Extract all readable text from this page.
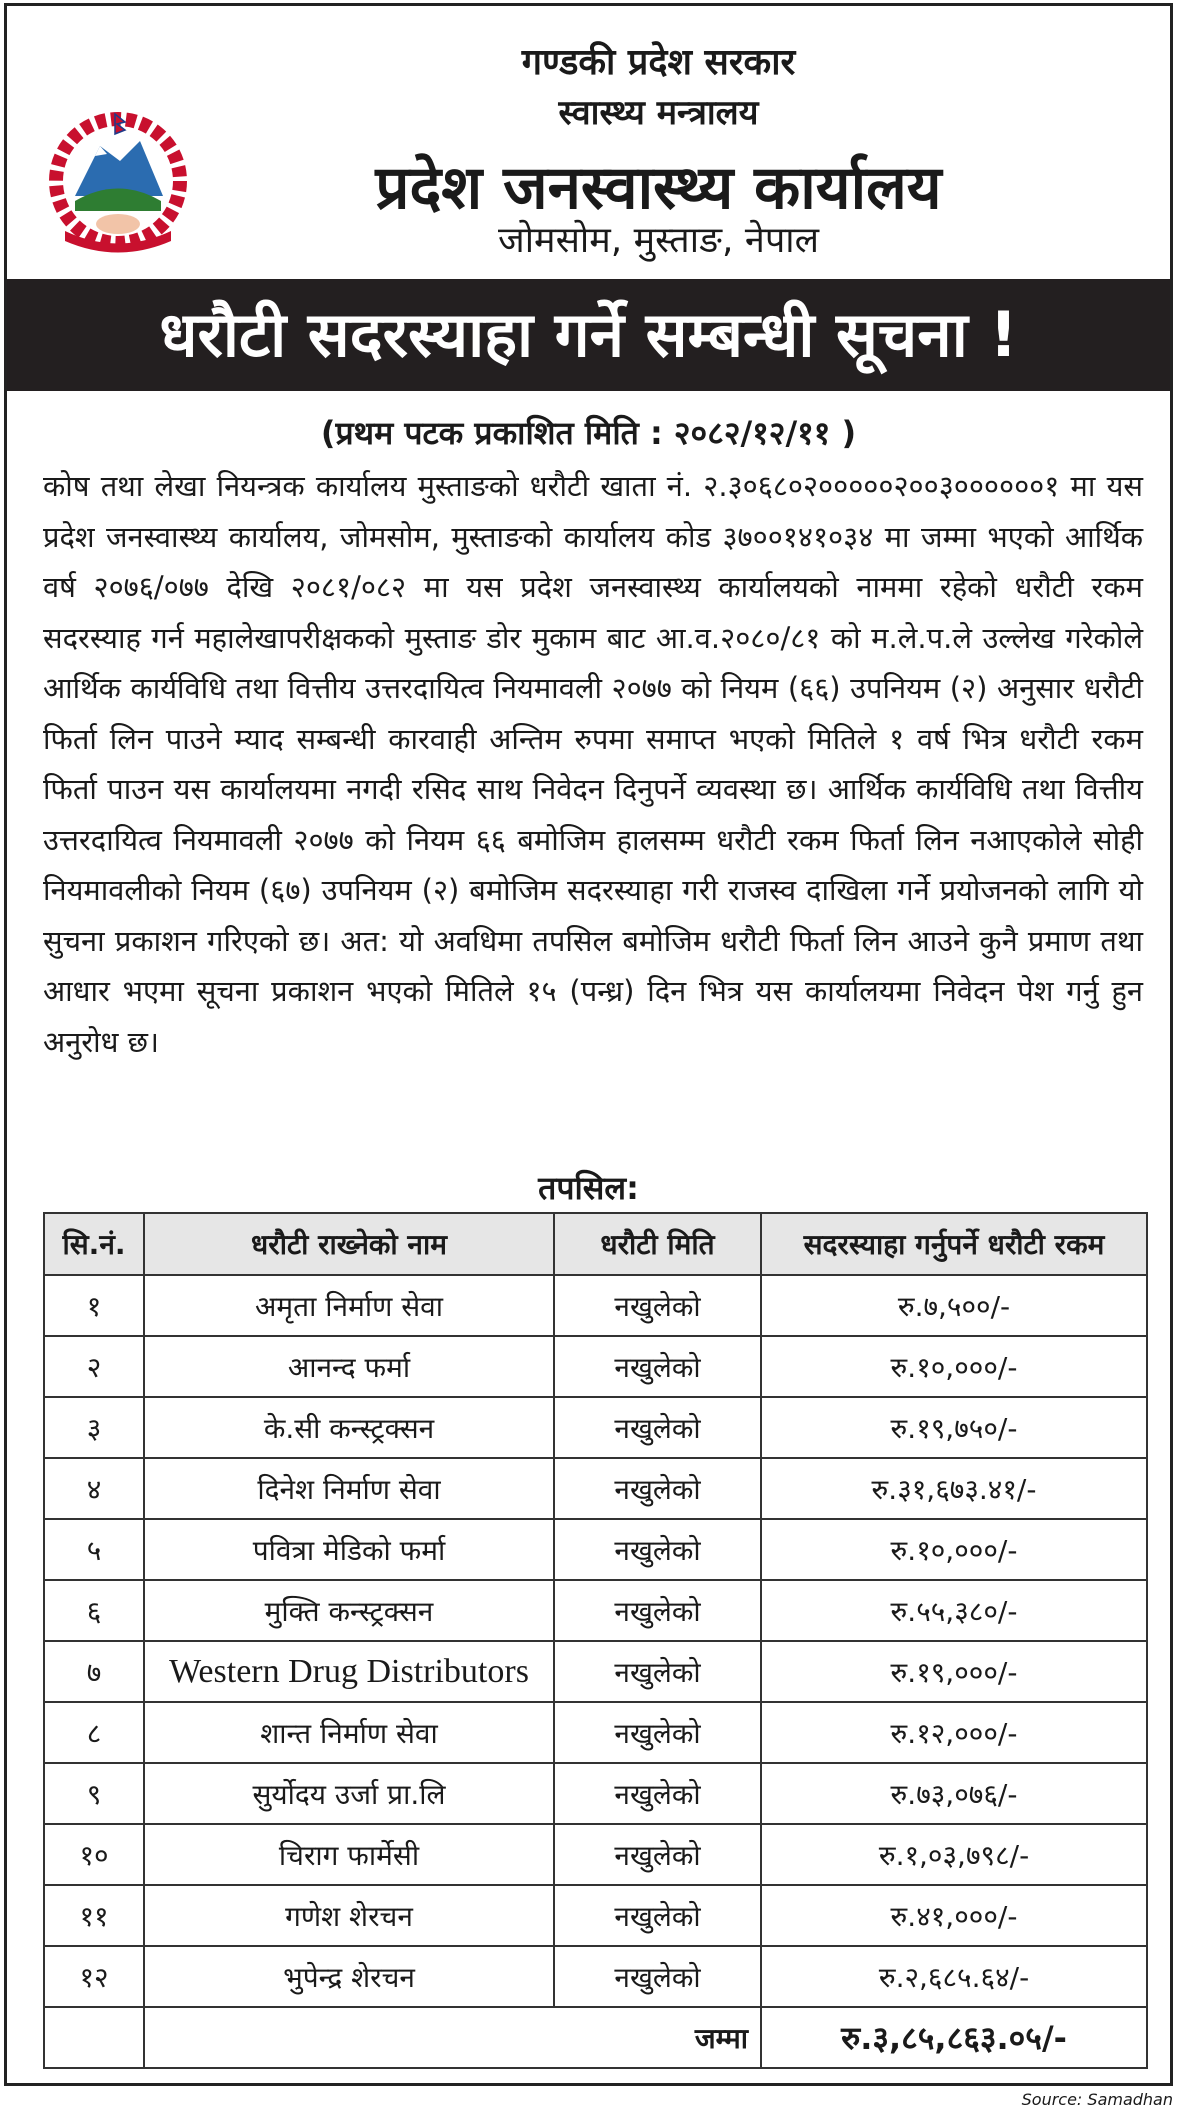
गण्डकी प्रदेश सरकार
स्वास्थ्य मन्त्रालय
प्रदेश जनस्वास्थ्य कार्यालय
जोमसोम, मुस्ताङ, नेपाल
धरौटी सदरस्याहा गर्ने सम्बन्धी सूचना !
(प्रथम पटक प्रकाशित मिति : २०८२/१२/११ )
कोष तथा लेखा नियन्त्रक कार्यालय मुस्ताङको धरौटी खाता नं. २.३०६८०२०००००२००३००००००१ मा यस प्रदेश जनस्वास्थ्य कार्यालय, जोमसोम, मुस्ताङको कार्यालय कोड ३७००१४१०३४ मा जम्मा भएको आर्थिक वर्ष २०७६/०७७ देखि २०८१/०८२ मा यस प्रदेश जनस्वास्थ्य कार्यालयको नाममा रहेको धरौटी रकम सदरस्याह गर्न महालेखापरीक्षकको मुस्ताङ डोर मुकाम बाट आ.व.२०८०/८१ को म.ले.प.ले उल्लेख गरेकोले आर्थिक कार्यविधि तथा वित्तीय उत्तरदायित्व नियमावली २०७७ को नियम (६६) उपनियम (२) अनुसार धरौटी फिर्ता लिन पाउने म्याद सम्बन्धी कारवाही अन्तिम रुपमा समाप्त भएको मितिले १ वर्ष भित्र धरौटी रकम फिर्ता पाउन यस कार्यालयमा नगदी रसिद साथ निवेदन दिनुपर्ने व्यवस्था छ। आर्थिक कार्यविधि तथा वित्तीय उत्तरदायित्व नियमावली २०७७ को नियम ६६ बमोजिम हालसम्म धरौटी रकम फिर्ता लिन नआएकोले सोही नियमावलीको नियम (६७) उपनियम (२) बमोजिम सदरस्याहा गरी राजस्व दाखिला गर्ने प्रयोजनको लागि यो सुचना प्रकाशन गरिएको छ। अत: यो अवधिमा तपसिल बमोजिम धरौटी फिर्ता लिन आउने कुनै प्रमाण तथा आधार भएमा सूचना प्रकाशन भएको मितिले १५ (पन्ध्र) दिन भित्र यस कार्यालयमा निवेदन पेश गर्नु हुन अनुरोध छ।
तपसिल:
सि.नं.	धरौटी राख्नेको नाम	धरौटी मिति	सदरस्याहा गर्नुपर्ने धरौटी रकम
१	अमृता निर्माण सेवा	नखुलेको	रु.७,५००/-
२	आनन्द फर्मा	नखुलेको	रु.१०,०००/-
३	के.सी कन्स्ट्रक्सन	नखुलेको	रु.१९,७५०/-
४	दिनेश निर्माण सेवा	नखुलेको	रु.३१,६७३.४१/-
५	पवित्रा मेडिको फर्मा	नखुलेको	रु.१०,०००/-
६	मुक्ति कन्स्ट्रक्सन	नखुलेको	रु.५५,३८०/-
७	Western Drug Distributors	नखुलेको	रु.१९,०००/-
८	शान्त निर्माण सेवा	नखुलेको	रु.१२,०००/-
९	सुर्योदय उर्जा प्रा.लि	नखुलेको	रु.७३,०७६/-
१०	चिराग फार्मेसी	नखुलेको	रु.१,०३,७९८/-
११	गणेश शेरचन	नखुलेको	रु.४१,०००/-
१२	भुपेन्द्र शेरचन	नखुलेको	रु.२,६८५.६४/-
	जम्मा		रु.३,८५,८६३.०५/-
Source: Samadhan
